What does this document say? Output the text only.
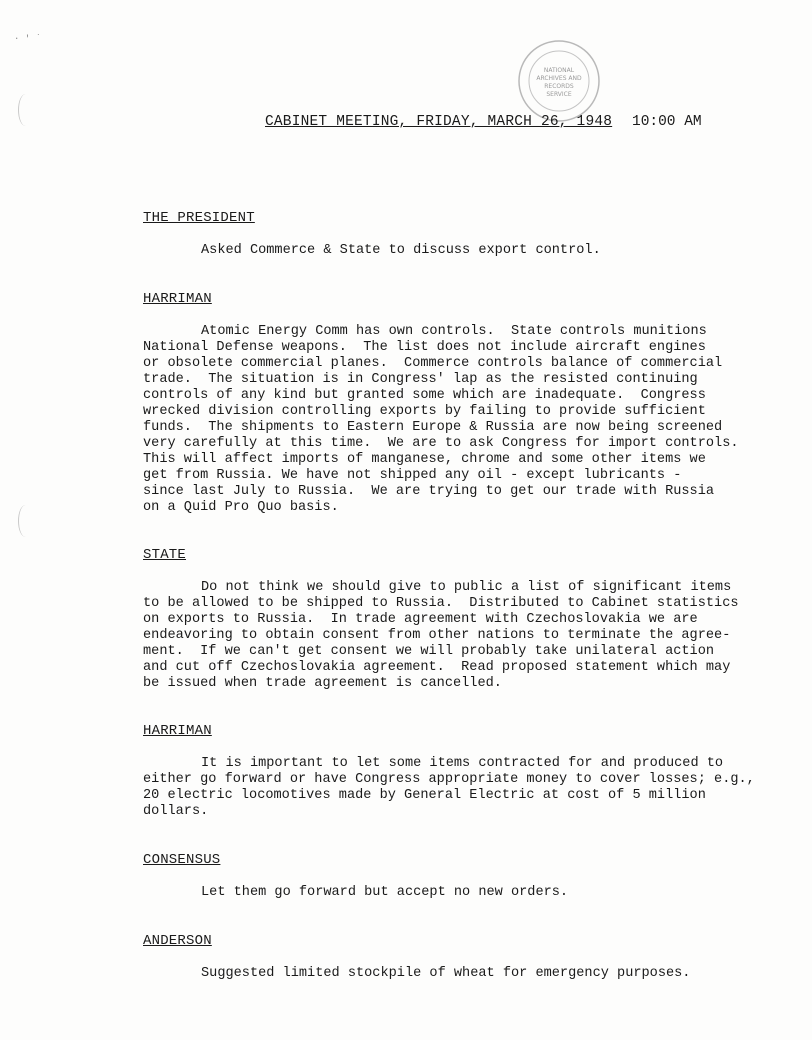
· ′ ˙
NATIONAL
ARCHIVES AND
RECORDS
SERVICE
CABINET MEETING, FRIDAY, MARCH 26, 1948 10:00 AM
THE PRESIDENT
Asked Commerce & State to discuss export control.
HARRIMAN
Atomic Energy Comm has own controls.  State controls munitions
National Defense weapons.  The list does not include aircraft engines
or obsolete commercial planes.  Commerce controls balance of commercial
trade.  The situation is in Congress' lap as the resisted continuing
controls of any kind but granted some which are inadequate.  Congress
wrecked division controlling exports by failing to provide sufficient
funds.  The shipments to Eastern Europe & Russia are now being screened
very carefully at this time.  We are to ask Congress for import controls.
This will affect imports of manganese, chrome and some other items we
get from Russia. We have not shipped any oil - except lubricants -
since last July to Russia.  We are trying to get our trade with Russia
on a Quid Pro Quo basis.
STATE
Do not think we should give to public a list of significant items
to be allowed to be shipped to Russia.  Distributed to Cabinet statistics
on exports to Russia.  In trade agreement with Czechoslovakia we are
endeavoring to obtain consent from other nations to terminate the agree-
ment.  If we can't get consent we will probably take unilateral action
and cut off Czechoslovakia agreement.  Read proposed statement which may
be issued when trade agreement is cancelled.
HARRIMAN
It is important to let some items contracted for and produced to
either go forward or have Congress appropriate money to cover losses; e.g.,
20 electric locomotives made by General Electric at cost of 5 million
dollars.
CONSENSUS
Let them go forward but accept no new orders.
ANDERSON
Suggested limited stockpile of wheat for emergency purposes.
